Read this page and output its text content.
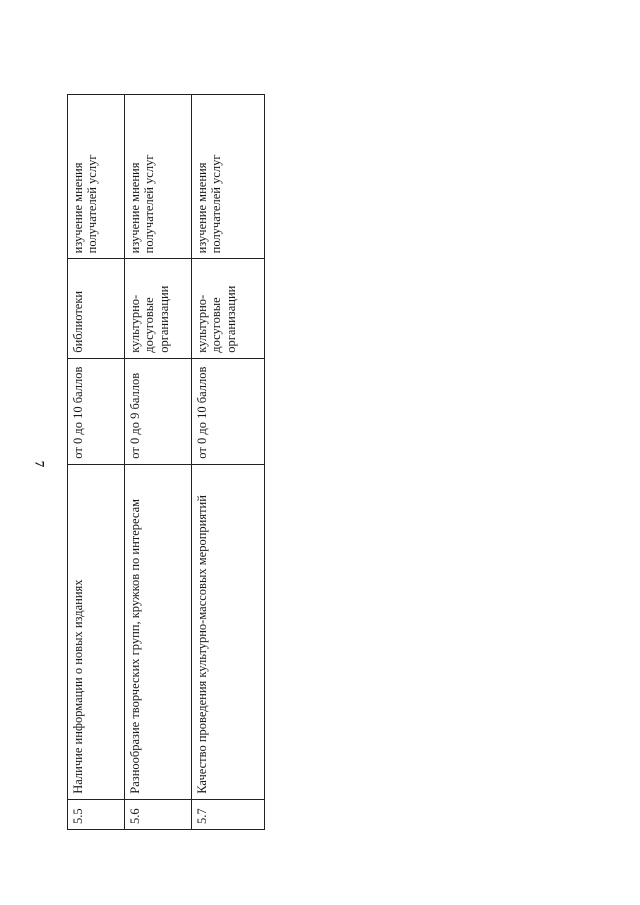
7
5.5	Наличие информации о новых изданиях	от 0 до 10 баллов	библиотеки	изучение мнения получателей услуг
5.6	Разнообразие творческих групп, кружков по интересам	от 0 до 9 баллов	культурно-досуговые организации	изучение мнения получателей услуг
5.7	Качество проведения культурно-массовых мероприятий	от 0 до 10 баллов	культурно-досуговые организации	изучение мнения получателей услуг
